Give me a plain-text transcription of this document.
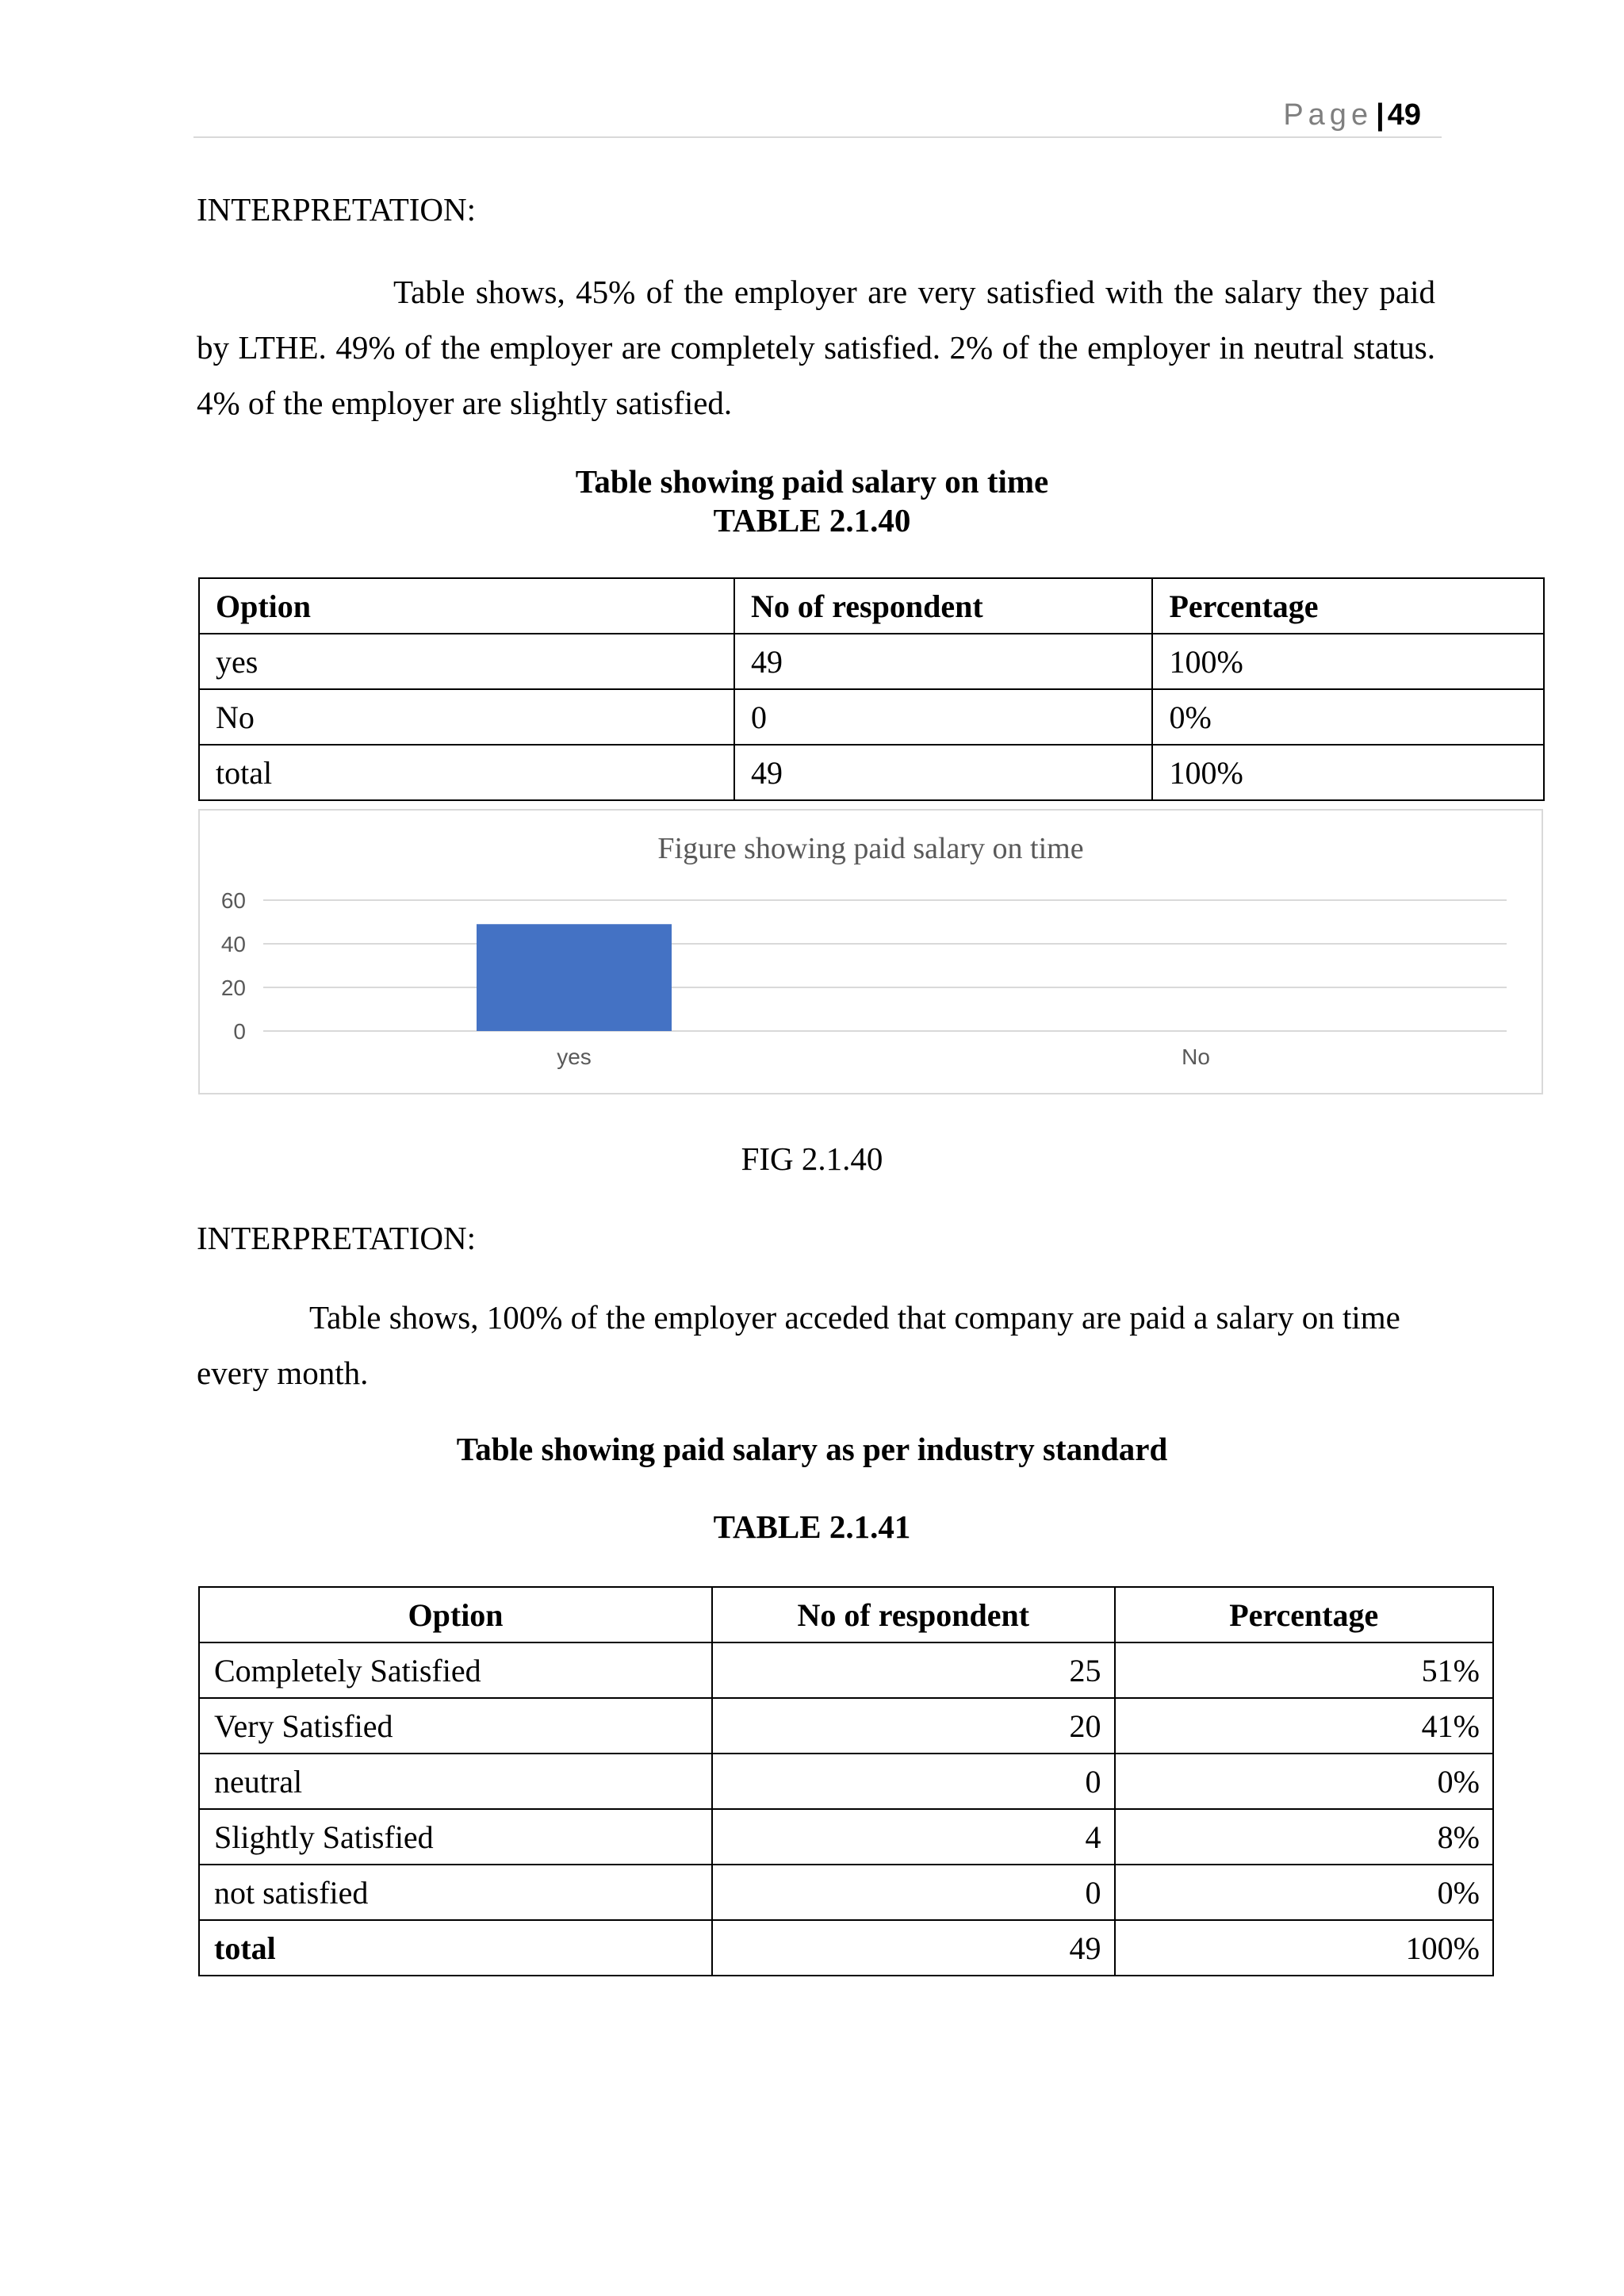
Page | 49
INTERPRETATION:
Table shows, 45% of the employer are very satisfied with the salary they paid
by LTHE. 49% of the employer are completely satisfied. 2% of the employer in neutral status.
4% of the employer are slightly satisfied.
Table showing paid salary on time
TABLE 2.1.40
Option	No of respondent	Percentage
yes	49	100%
No	0	0%
total	49	100%
Figure showing paid salary on time
0
20
40
60
yes	No
FIG 2.1.40
INTERPRETATION:
Table shows, 100% of the employer acceded that company are paid a salary on time
every month.
Table showing paid salary as per industry standard
TABLE 2.1.41
Option	No of respondent	Percentage
Completely Satisfied	25	51%
Very Satisfied	20	41%
neutral	0	0%
Slightly Satisfied	4	8%
not satisfied	0	0%
total	49	100%
